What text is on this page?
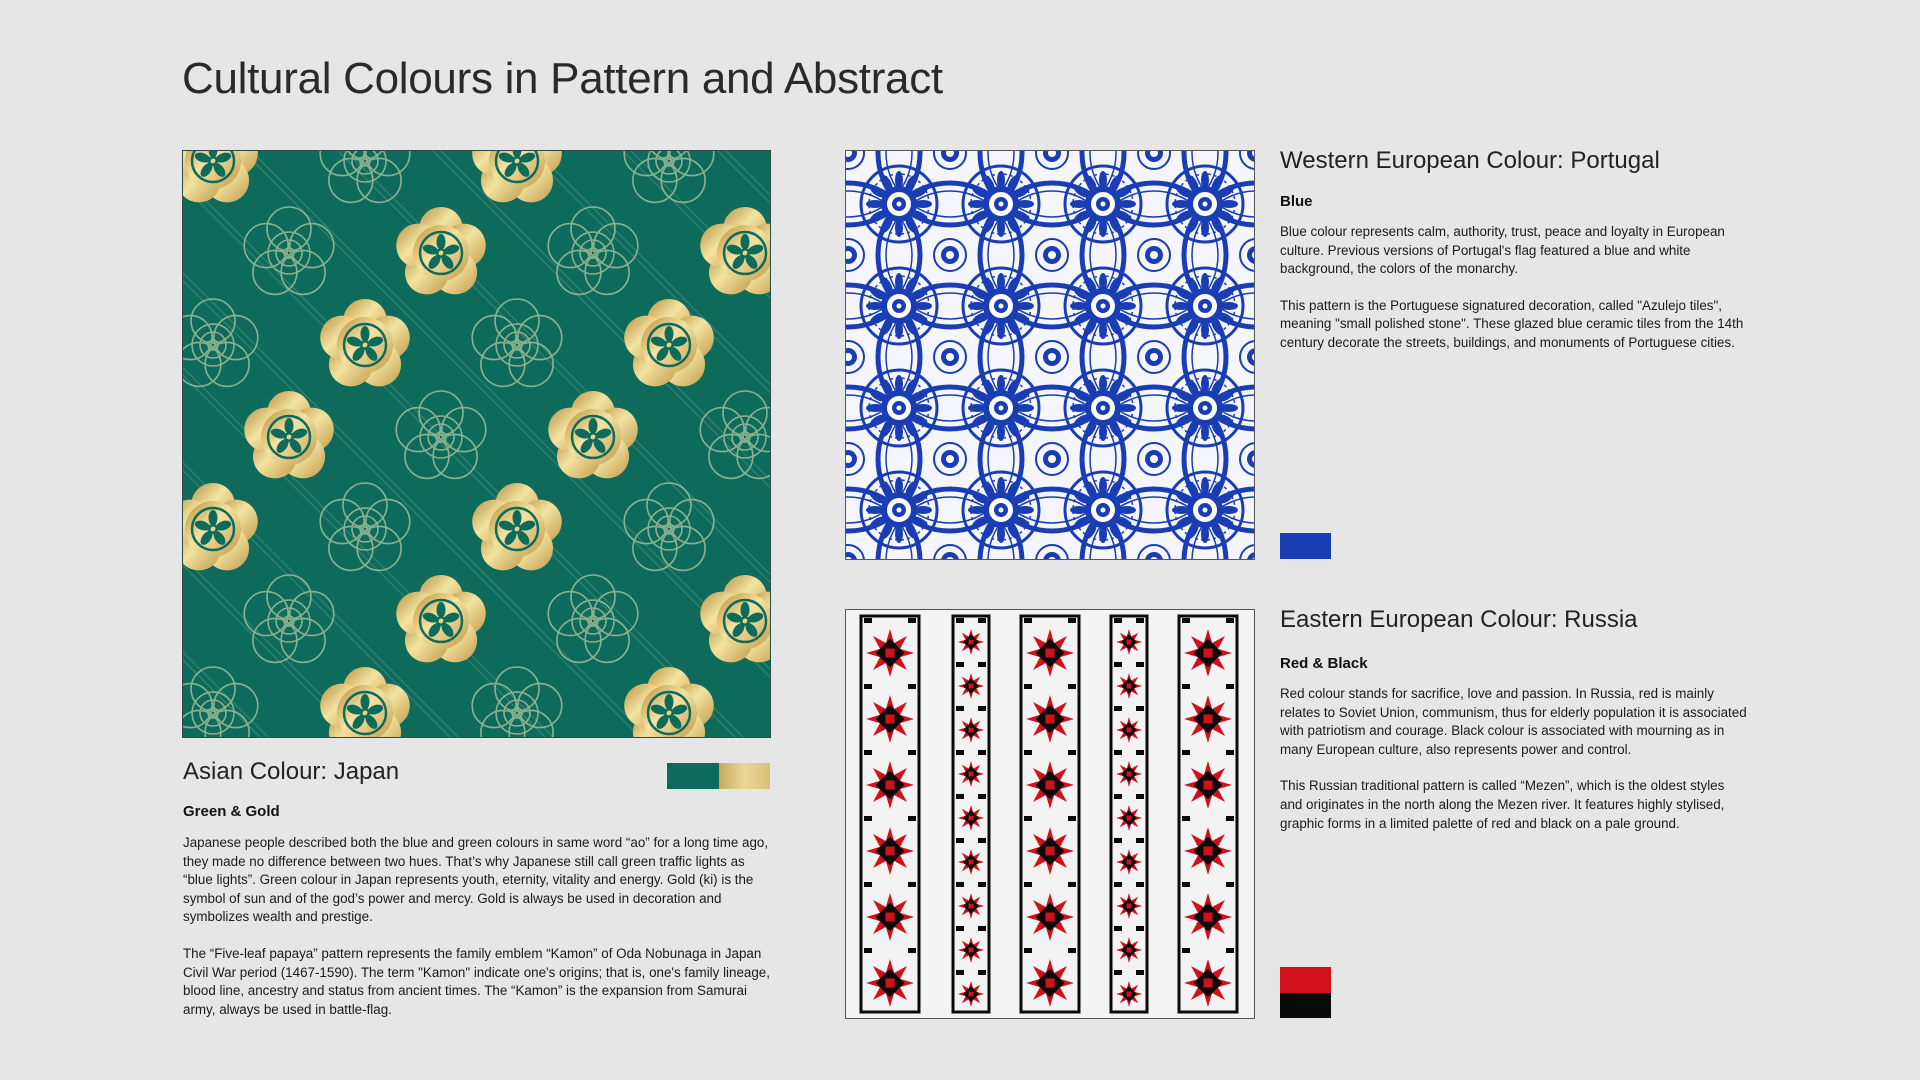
Cultural Colours in Pattern and Abstract
Asian Colour: Japan

Green & Gold

Japanese people described both the blue and green colours in same word “ao” for a long time ago, they made no difference between two hues. That’s why Japanese still call green traffic lights as “blue lights”. Green colour in Japan represents youth, eternity, vitality and energy. Gold (ki) is the symbol of sun and of the god’s power and mercy. Gold is always be used in decoration and symbolizes wealth and prestige.

The “Five-leaf papaya” pattern represents the family emblem “Kamon” of Oda Nobunaga in Japan Civil War period (1467-1590). The term "Kamon" indicate one's origins; that is, one's family lineage, blood line, ancestry and status from ancient times. The “Kamon” is the expansion from Samurai army, always be used in battle-flag.

Western European Colour: Portugal

Blue

Blue colour represents calm, authority, trust, peace and loyalty in European culture. Previous versions of Portugal's flag featured a blue and white background, the colors of the monarchy.

This pattern is the Portuguese signatured decoration, called "Azulejo tiles", meaning "small polished stone". These glazed blue ceramic tiles from the 14th century decorate the streets, buildings, and monuments of Portuguese cities.

Eastern European Colour: Russia

Red & Black

Red colour stands for sacrifice, love and passion. In Russia, red is mainly relates to Soviet Union, communism, thus for elderly population it is associated with patriotism and courage. Black colour is associated with mourning as in many European culture, also represents power and control.

This Russian traditional pattern is called “Mezen”, which is the oldest styles and originates in the north along the Mezen river. It features highly stylised, graphic forms in a limited palette of red and black on a pale ground.
